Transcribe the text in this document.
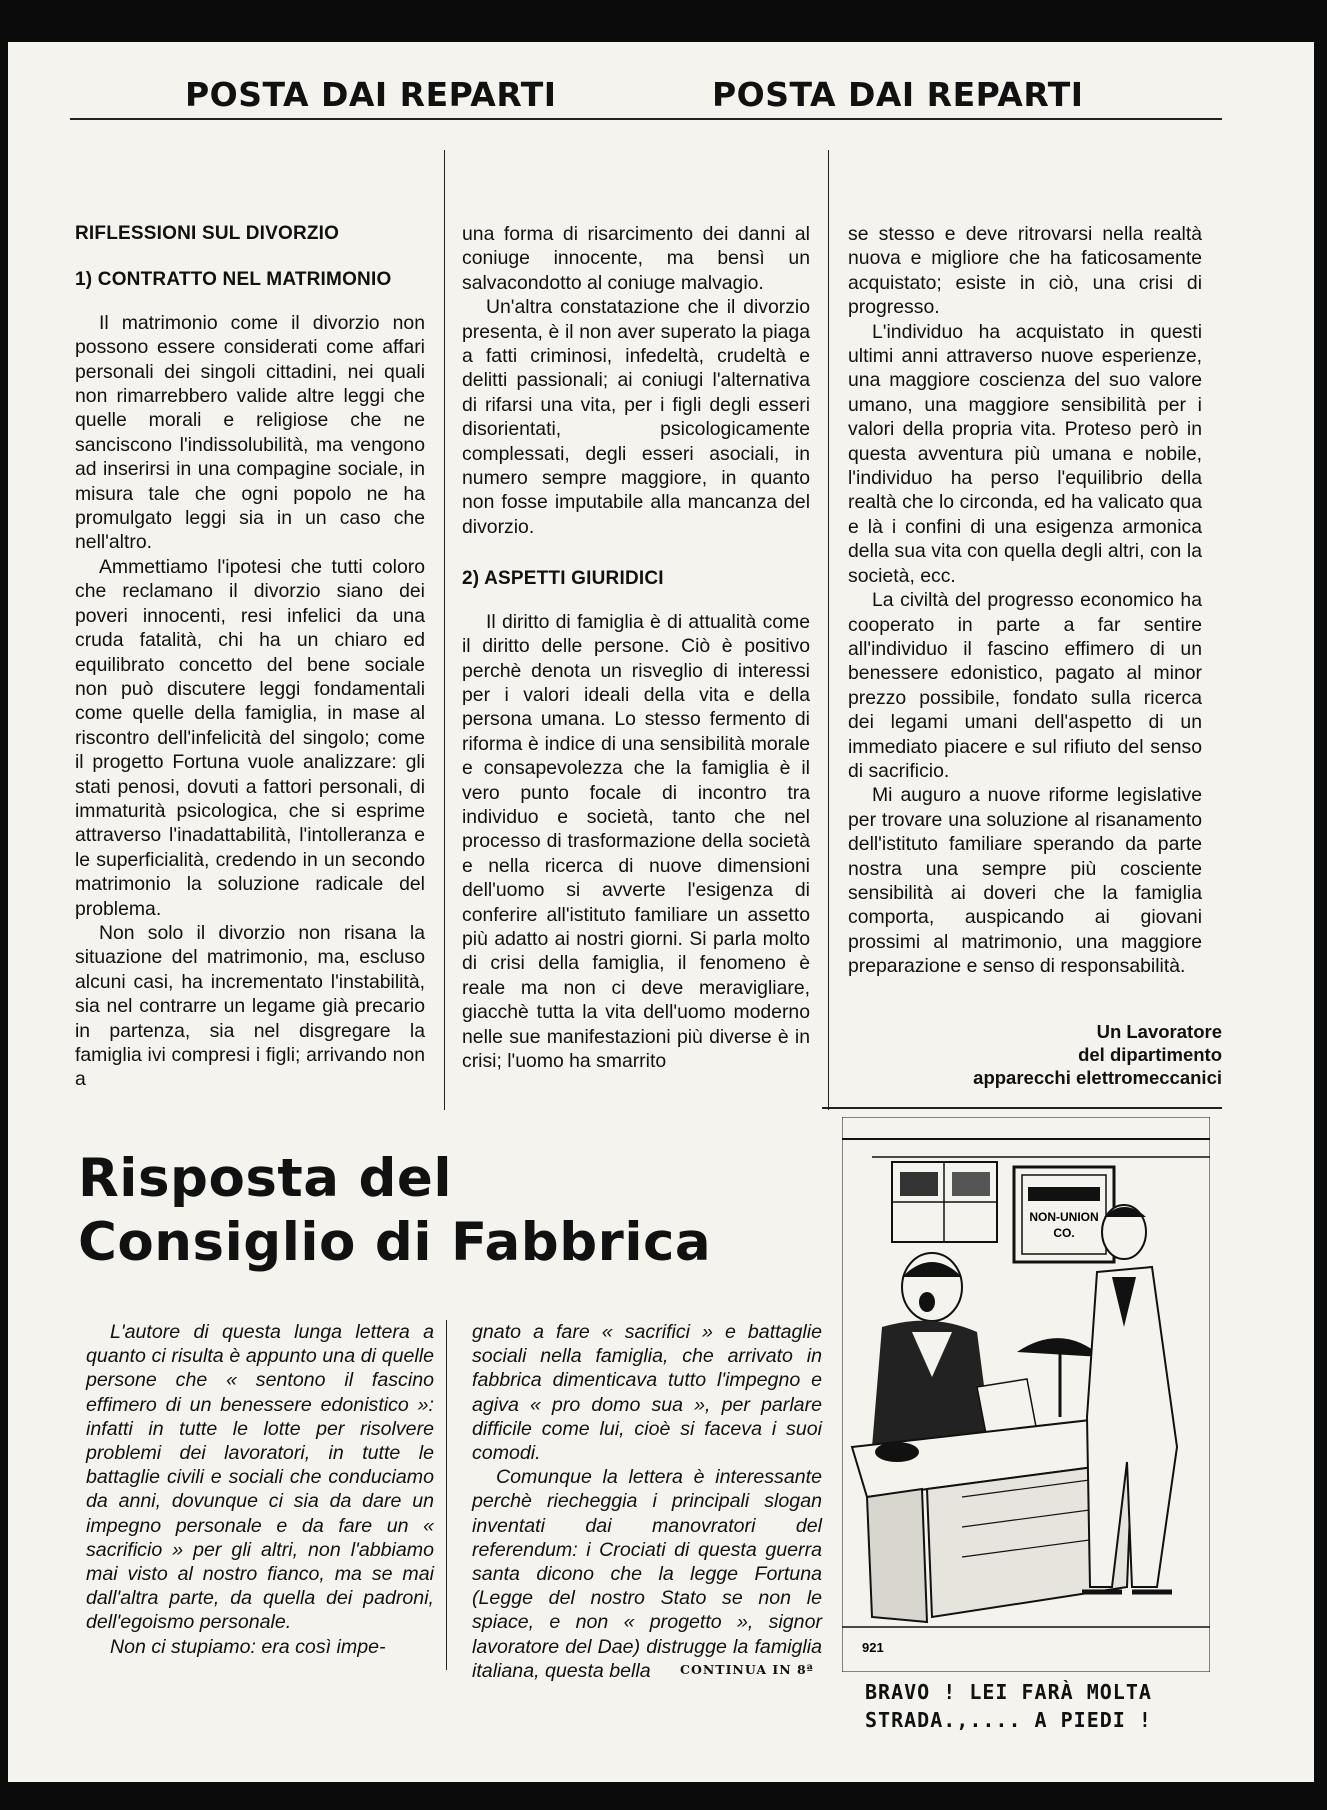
POSTA DAI REPARTI	POSTA DAI REPARTI
RIFLESSIONI SUL DIVORZIO
1) CONTRATTO NEL MATRIMONIO

Il matrimonio come il divorzio non possono essere considerati come affari personali dei singoli cittadini, nei quali non rimarrebbero valide altre leggi che quelle morali e religiose che ne sanciscono l'indissolubilità, ma vengono ad inserirsi in una compagine sociale, in misura tale che ogni popolo ne ha promulgato leggi sia in un caso che nell'altro.

Ammettiamo l'ipotesi che tutti coloro che reclamano il divorzio siano dei poveri innocenti, resi infelici da una cruda fatalità, chi ha un chiaro ed equilibrato concetto del bene sociale non può discutere leggi fondamentali come quelle della famiglia, in mase al riscontro dell'infelicità del singolo; come il progetto Fortuna vuole analizzare: gli stati penosi, dovuti a fattori personali, di immaturità psicologica, che si esprime attraverso l'inadattabilità, l'intolleranza e le superficialità, credendo in un secondo matrimonio la soluzione radicale del problema.

Non solo il divorzio non risana la situazione del matrimonio, ma, escluso alcuni casi, ha incrementato l'instabilità, sia nel contrarre un legame già precario in partenza, sia nel disgregare la famiglia ivi compresi i figli; arrivando non a

una forma di risarcimento dei danni al coniuge innocente, ma bensì un salvacondotto al coniuge malvagio.

Un'altra constatazione che il divorzio presenta, è il non aver superato la piaga a fatti criminosi, infedeltà, crudeltà e delitti passionali; ai coniugi l'alternativa di rifarsi una vita, per i figli degli esseri disorientati, psicologicamente complessati, degli esseri asociali, in numero sempre maggiore, in quanto non fosse imputabile alla mancanza del divorzio.

2) ASPETTI GIURIDICI

Il diritto di famiglia è di attualità come il diritto delle persone. Ciò è positivo perchè denota un risveglio di interessi per i valori ideali della vita e della persona umana. Lo stesso fermento di riforma è indice di una sensibilità morale e consapevolezza che la famiglia è il vero punto focale di incontro tra individuo e società, tanto che nel processo di trasformazione della società e nella ricerca di nuove dimensioni dell'uomo si avverte l'esigenza di conferire all'istituto familiare un assetto più adatto ai nostri giorni. Si parla molto di crisi della famiglia, il fenomeno è reale ma non ci deve meravigliare, giacchè tutta la vita dell'uomo moderno nelle sue manifestazioni più diverse è in crisi; l'uomo ha smarrito

se stesso e deve ritrovarsi nella realtà nuova e migliore che ha faticosamente acquistato; esiste in ciò, una crisi di progresso.

L'individuo ha acquistato in questi ultimi anni attraverso nuove esperienze, una maggiore coscienza del suo valore umano, una maggiore sensibilità per i valori della propria vita. Proteso però in questa avventura più umana e nobile, l'individuo ha perso l'equilibrio della realtà che lo circonda, ed ha valicato qua e là i confini di una esigenza armonica della sua vita con quella degli altri, con la società, ecc.

La civiltà del progresso economico ha cooperato in parte a far sentire all'individuo il fascino effimero di un benessere edonistico, pagato al minor prezzo possibile, fondato sulla ricerca dei legami umani dell'aspetto di un immediato piacere e sul rifiuto del senso di sacrificio.

Mi auguro a nuove riforme legislative per trovare una soluzione al risanamento dell'istituto familiare sperando da parte nostra una sempre più cosciente sensibilità ai doveri che la famiglia comporta, auspicando ai giovani prossimi al matrimonio, una maggiore preparazione e senso di responsabilità.

Un Lavoratore
del dipartimento
apparecchi elettromeccanici
Risposta del
Consiglio di Fabbrica

L'autore di questa lunga lettera a quanto ci risulta è appunto una di quelle persone che « sentono il fascino effimero di un benessere edonistico »: infatti in tutte le lotte per risolvere problemi dei lavoratori, in tutte le battaglie civili e sociali che conduciamo da anni, dovunque ci sia da dare un impegno personale e da fare un « sacrificio » per gli altri, non l'abbiamo mai visto al nostro fianco, ma se mai dall'altra parte, da quella dei padroni, dell'egoismo personale.

Non ci stupiamo: era così impe-

gnato a fare « sacrifici » e battaglie sociali nella famiglia, che arrivato in fabbrica dimenticava tutto l'impegno e agiva « pro domo sua », per parlare difficile come lui, cioè si faceva i suoi comodi.

Comunque la lettera è interessante perchè riecheggia i principali slogan inventati dai manovratori del referendum: i Crociati di questa guerra santa dicono che la legge Fortuna (Legge del nostro Stato se non le spiace, e non « progetto », signor lavoratore del Dae) distrugge la famiglia italiana, questa bella	CONTINUA IN 8ª
NON-UNION
CO.
921
BRAVO ! LEI FARÀ MOLTA
STRADA.,.... A PIEDI !
